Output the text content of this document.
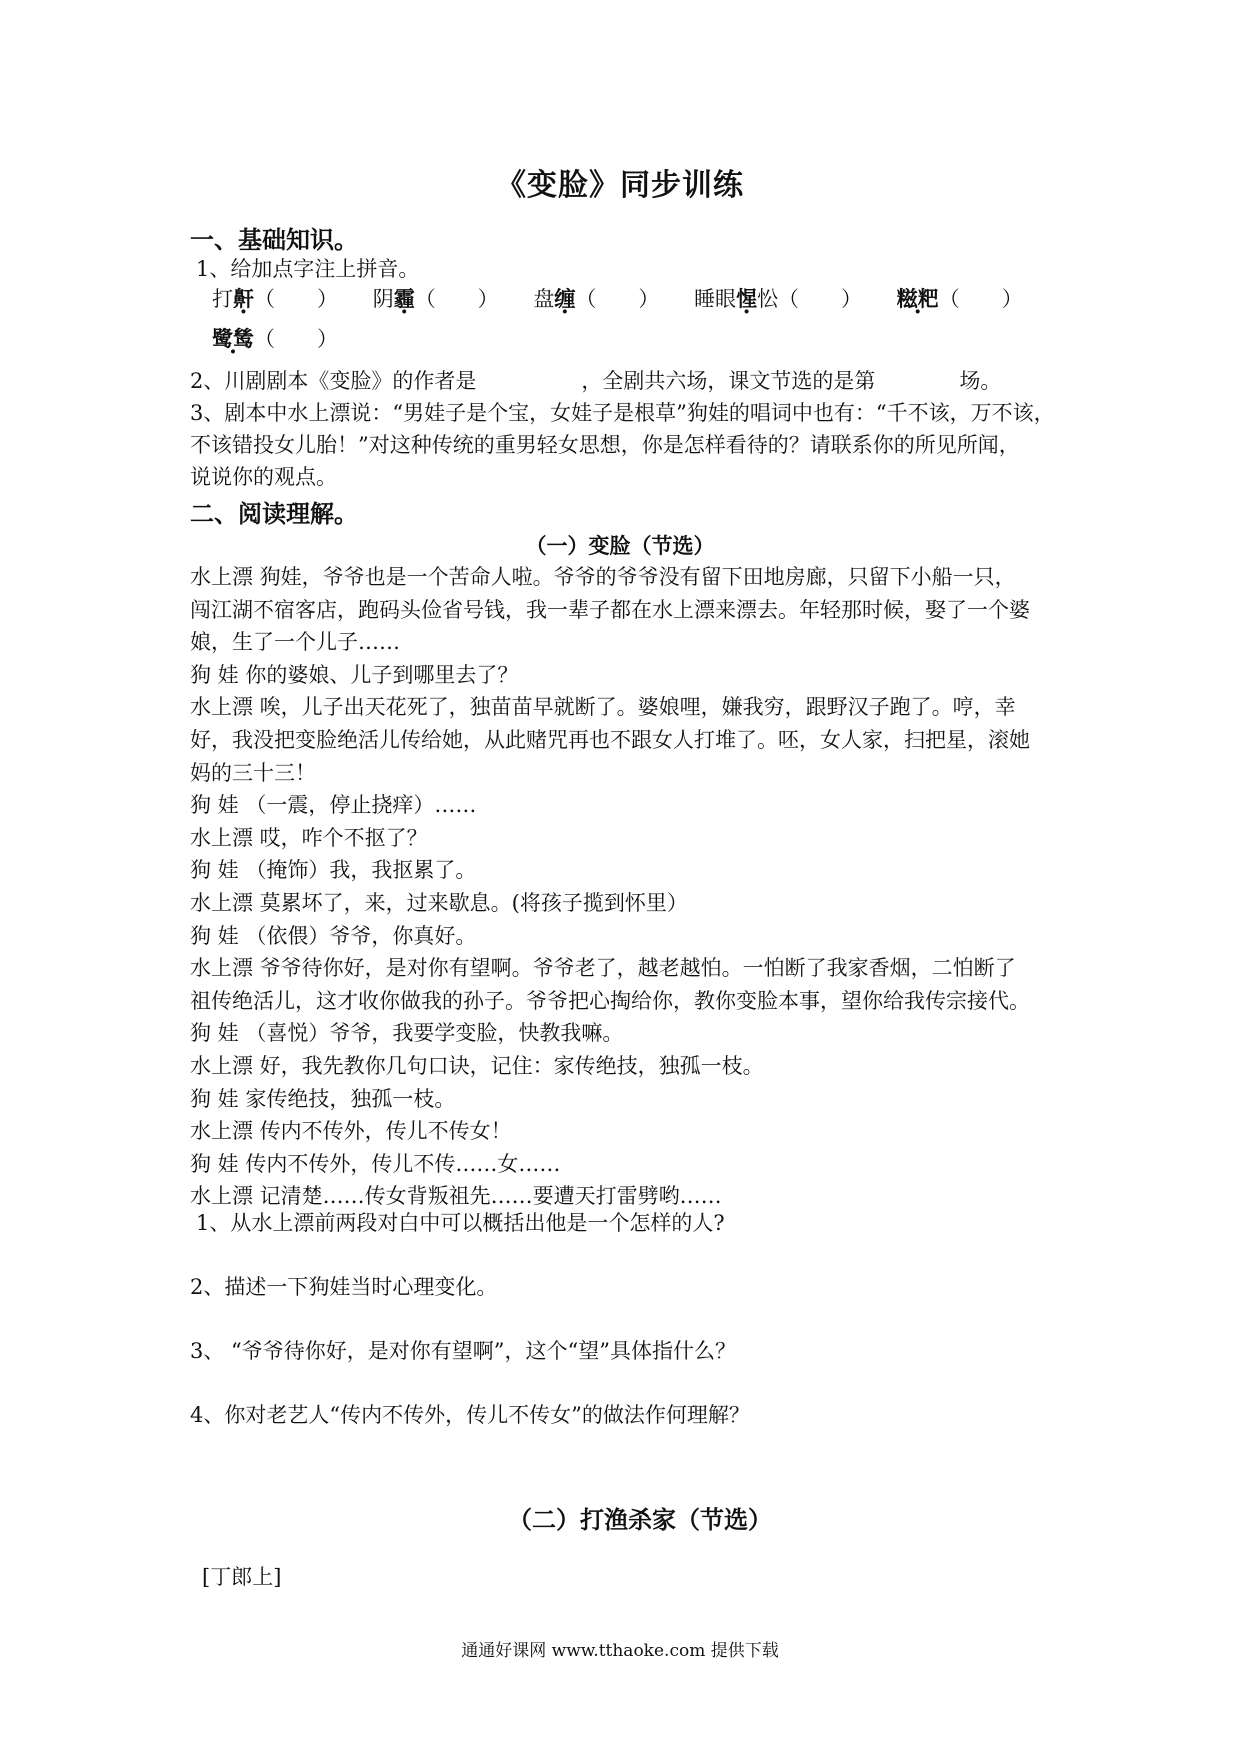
《变脸》同步训练
一、基础知识。
1、给加点字注上拼音。
打鼾（　　） 阴霾（　　） 盘缠（　　） 睡眼惺忪（　　） 糍粑（　　）
鹭鸶（　　）
2、川剧剧本《变脸》的作者是　　　　　，全剧共六场，课文节选的是第　　　　场。
3、剧本中水上漂说：“男娃子是个宝，女娃子是根草”狗娃的唱词中也有：“千不该，万不该，
不该错投女儿胎！”对这种传统的重男轻女思想，你是怎样看待的？请联系你的所见所闻，
说说你的观点。
二、阅读理解。
（一）变脸（节选）
水上漂 狗娃，爷爷也是一个苦命人啦。爷爷的爷爷没有留下田地房廊，只留下小船一只，
闯江湖不宿客店，跑码头俭省号钱，我一辈子都在水上漂来漂去。年轻那时候，娶了一个婆
娘，生了一个儿子……
狗 娃 你的婆娘、儿子到哪里去了？
水上漂 唉，儿子出天花死了，独苗苗早就断了。婆娘哩，嫌我穷，跟野汉子跑了。哼，幸
好，我没把变脸绝活儿传给她，从此赌咒再也不跟女人打堆了。呸，女人家，扫把星，滚她
妈的三十三！
狗 娃 （一震，停止挠痒）……
水上漂 哎，咋个不抠了？
狗 娃 （掩饰）我，我抠累了。
水上漂 莫累坏了，来，过来歇息。(将孩子揽到怀里）
狗 娃 （依偎）爷爷，你真好。
水上漂 爷爷待你好，是对你有望啊。爷爷老了，越老越怕。一怕断了我家香烟，二怕断了
祖传绝活儿，这才收你做我的孙子。爷爷把心掏给你，教你变脸本事，望你给我传宗接代。
狗 娃 （喜悦）爷爷，我要学变脸，快教我嘛。
水上漂 好，我先教你几句口诀，记住：家传绝技，独孤一枝。
狗 娃 家传绝技，独孤一枝。
水上漂 传内不传外，传儿不传女！
狗 娃 传内不传外，传儿不传……女……
水上漂 记清楚……传女背叛祖先……要遭天打雷劈哟……
1、从水上漂前两段对白中可以概括出他是一个怎样的人?
2、描述一下狗娃当时心理变化。
3、 “爷爷待你好，是对你有望啊”，这个“望”具体指什么？
4、你对老艺人“传内不传外，传儿不传女”的做法作何理解？
（二）打渔杀家（节选）
[丁郎上]
通通好课网 www.tthaoke.com 提供下载
